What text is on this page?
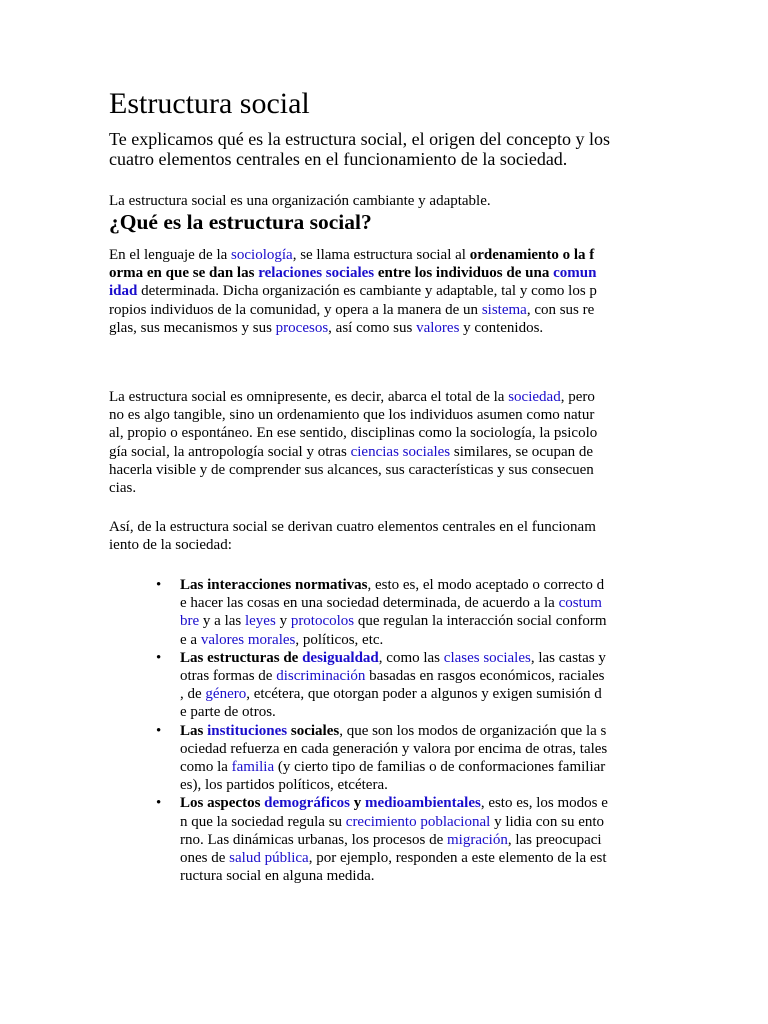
Estructura social

Te explicamos qué es la estructura social, el origen del concepto y los
cuatro elementos centrales en el funcionamiento de la sociedad.

La estructura social es una organización cambiante y adaptable.

¿Qué es la estructura social?

En el lenguaje de la sociología, se llama estructura social al ordenamiento o la f
orma en que se dan las relaciones sociales entre los individuos de una comun
idad determinada. Dicha organización es cambiante y adaptable, tal y como los p
ropios individuos de la comunidad, y opera a la manera de un sistema, con sus re
glas, sus mecanismos y sus procesos, así como sus valores y contenidos.

La estructura social es omnipresente, es decir, abarca el total de la sociedad, pero
no es algo tangible, sino un ordenamiento que los individuos asumen como natur
al, propio o espontáneo. En ese sentido, disciplinas como la sociología, la psicolo
gía social, la antropología social y otras ciencias sociales similares, se ocupan de
hacerla visible y de comprender sus alcances, sus características y sus consecuen
cias.

Así, de la estructura social se derivan cuatro elementos centrales en el funcionam
iento de la sociedad:

• Las interacciones normativas, esto es, el modo aceptado o correcto d
e hacer las cosas en una sociedad determinada, de acuerdo a la costum
bre y a las leyes y protocolos que regulan la interacción social conform
e a valores morales, políticos, etc.
• Las estructuras de desigualdad, como las clases sociales, las castas y
otras formas de discriminación basadas en rasgos económicos, raciales
, de género, etcétera, que otorgan poder a algunos y exigen sumisión d
e parte de otros.
• Las instituciones sociales, que son los modos de organización que la s
ociedad refuerza en cada generación y valora por encima de otras, tales
como la familia (y cierto tipo de familias o de conformaciones familiar
es), los partidos políticos, etcétera.
• Los aspectos demográficos y medioambientales, esto es, los modos e
n que la sociedad regula su crecimiento poblacional y lidia con su ento
rno. Las dinámicas urbanas, los procesos de migración, las preocupaci
ones de salud pública, por ejemplo, responden a este elemento de la est
ructura social en alguna medida.
